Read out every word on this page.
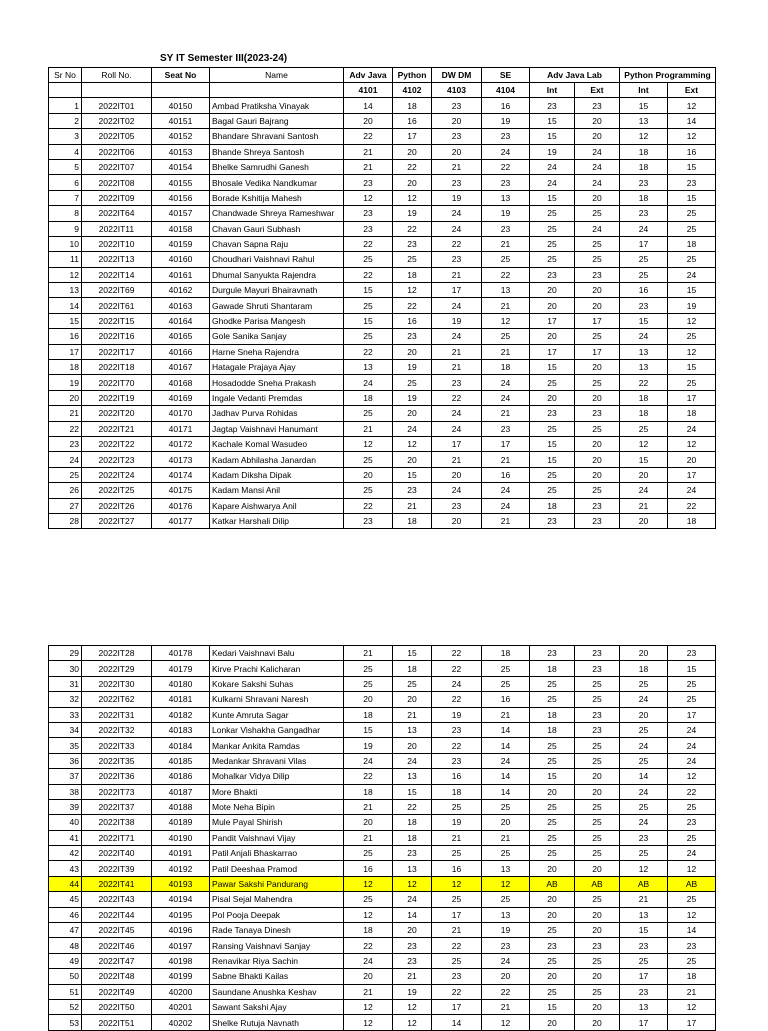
SY IT Semester III(2023-24)
Sr No	Roll No.	Seat No	Name	Adv Java	Python	DW DM	SE	Adv Java Lab		Python Programming	
				4101	4102	4103	4104	Int	Ext	Int	Ext
1	2022IT01	40150	Ambad Pratiksha Vinayak	14	18	23	16	23	23	15	12
2	2022IT02	40151	Bagal Gauri Bajrang	20	16	20	19	15	20	13	14
3	2022IT05	40152	Bhandare Shravani Santosh	22	17	23	23	15	20	12	12
4	2022IT06	40153	Bhande Shreya Santosh	21	20	20	24	19	24	18	16
5	2022IT07	40154	Bhelke Samrudhi Ganesh	21	22	21	22	24	24	18	15
6	2022IT08	40155	Bhosale Vedika Nandkumar	23	20	23	23	24	24	23	23
7	2022IT09	40156	Borade Kshitija Mahesh	12	12	19	13	15	20	18	15
8	2022IT64	40157	Chandwade Shreya Rameshwar	23	19	24	19	25	25	23	25
9	2022IT11	40158	Chavan Gauri Subhash	23	22	24	23	25	24	24	25
10	2022IT10	40159	Chavan Sapna Raju	22	23	22	21	25	25	17	18
11	2022IT13	40160	Choudhari Vaishnavi Rahul	25	25	23	25	25	25	25	25
12	2022IT14	40161	Dhumal Sanyukta Rajendra	22	18	21	22	23	23	25	24
13	2022IT69	40162	Durgule Mayuri Bhairavnath	15	12	17	13	20	20	16	15
14	2022IT61	40163	Gawade Shruti Shantaram	25	22	24	21	20	20	23	19
15	2022IT15	40164	Ghodke Parisa Mangesh	15	16	19	12	17	17	15	12
16	2022IT16	40165	Gole Sanika Sanjay	25	23	24	25	20	25	24	25
17	2022IT17	40166	Harne Sneha Rajendra	22	20	21	21	17	17	13	12
18	2022IT18	40167	Hatagale Prajaya Ajay	13	19	21	18	15	20	13	15
19	2022IT70	40168	Hosadodde Sneha Prakash	24	25	23	24	25	25	22	25
20	2022IT19	40169	Ingale Vedanti Premdas	18	19	22	24	20	20	18	17
21	2022IT20	40170	Jadhav Purva Rohidas	25	20	24	21	23	23	18	18
22	2022IT21	40171	Jagtap Vaishnavi Hanumant	21	24	24	23	25	25	25	24
23	2022IT22	40172	Kachale Komal Wasudeo	12	12	17	17	15	20	12	12
24	2022IT23	40173	Kadam Abhilasha Janardan	25	20	21	21	15	20	15	20
25	2022IT24	40174	Kadam Diksha Dipak	20	15	20	16	25	20	20	17
26	2022IT25	40175	Kadam Mansi Anil	25	23	24	24	25	25	24	24
27	2022IT26	40176	Kapare Aishwarya Anil	22	21	23	24	18	23	21	22
28	2022IT27	40177	Katkar Harshali Dilip	23	18	20	21	23	23	20	18
29	2022IT28	40178	Kedari Vaishnavi Balu	21	15	22	18	23	23	20	23
30	2022IT29	40179	Kirve Prachi Kalicharan	25	18	22	25	18	23	18	15
31	2022IT30	40180	Kokare Sakshi Suhas	25	25	24	25	25	25	25	25
32	2022IT62	40181	Kulkarni Shravani Naresh	20	20	22	16	25	25	24	25
33	2022IT31	40182	Kunte Amruta Sagar	18	21	19	21	18	23	20	17
34	2022IT32	40183	Lonkar Vishakha Gangadhar	15	13	23	14	18	23	25	24
35	2022IT33	40184	Mankar Ankita Ramdas	19	20	22	14	25	25	24	24
36	2022IT35	40185	Medankar Shravani Vilas	24	24	23	24	25	25	25	24
37	2022IT36	40186	Mohalkar Vidya Dilip	22	13	16	14	15	20	14	12
38	2022IT73	40187	More Bhakti	18	15	18	14	20	20	24	22
39	2022IT37	40188	Mote Neha Bipin	21	22	25	25	25	25	25	25
40	2022IT38	40189	Mule Payal Shirish	20	18	19	20	25	25	24	23
41	2022IT71	40190	Pandit Vaishnavi Vijay	21	18	21	21	25	25	23	25
42	2022IT40	40191	Patil Anjali Bhaskarrao	25	23	25	25	25	25	25	24
43	2022IT39	40192	Patil Deeshaa Pramod	16	13	16	13	20	20	12	12
44	2022IT41	40193	Pawar Sakshi Pandurang	12	12	12	12	AB	AB	AB	AB
45	2022IT43	40194	Pisal Sejal Mahendra	25	24	25	25	20	25	21	25
46	2022IT44	40195	Pol Pooja Deepak	12	14	17	13	20	20	13	12
47	2022IT45	40196	Rade Tanaya Dinesh	18	20	21	19	25	20	15	14
48	2022IT46	40197	Ransing Vaishnavi Sanjay	22	23	22	23	23	23	23	23
49	2022IT47	40198	Renavikar Riya Sachin	24	23	25	24	25	25	25	25
50	2022IT48	40199	Sabne Bhakti Kailas	20	21	23	20	20	20	17	18
51	2022IT49	40200	Saundane Anushka Keshav	21	19	22	22	25	25	23	21
52	2022IT50	40201	Sawant Sakshi Ajay	12	12	17	21	15	20	13	12
53	2022IT51	40202	Shelke Rutuja Navnath	12	12	14	12	20	20	17	17
